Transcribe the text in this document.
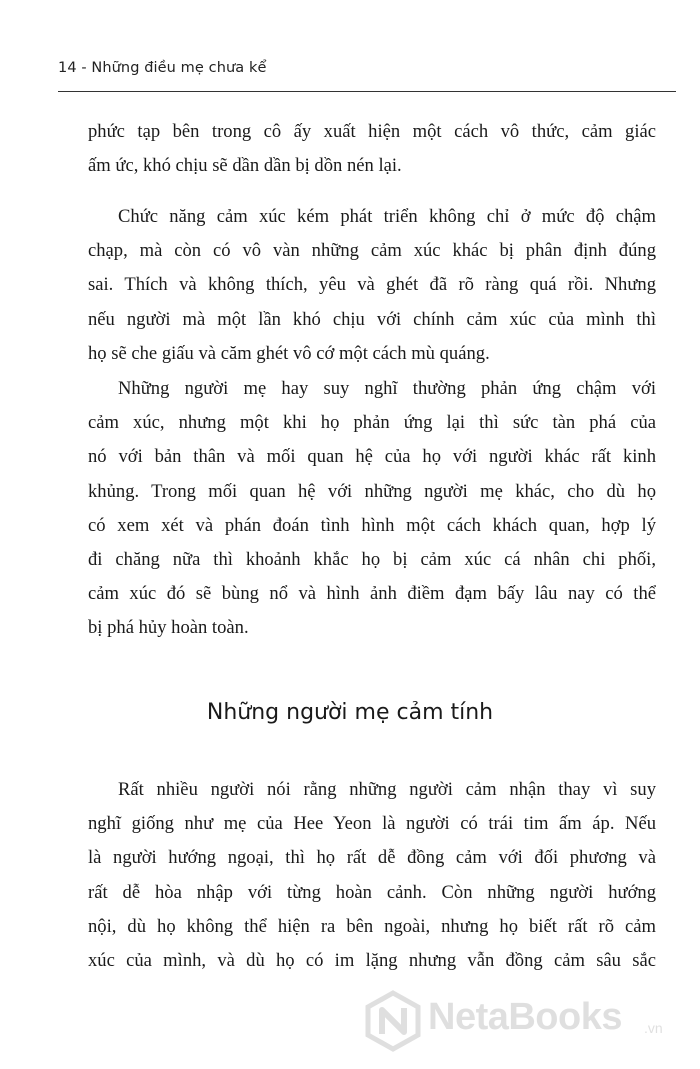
14 - Những điều mẹ chưa kể
phức tạp bên trong cô ấy xuất hiện một cách vô thức, cảm giác
ấm ức, khó chịu sẽ dần dần bị dồn nén lại.
Chức năng cảm xúc kém phát triển không chỉ ở mức độ chậm
chạp, mà còn có vô vàn những cảm xúc khác bị phân định đúng
sai. Thích và không thích, yêu và ghét đã rõ ràng quá rồi. Nhưng
nếu người mà một lần khó chịu với chính cảm xúc của mình thì
họ sẽ che giấu và căm ghét vô cớ một cách mù quáng.
Những người mẹ hay suy nghĩ thường phản ứng chậm với
cảm xúc, nhưng một khi họ phản ứng lại thì sức tàn phá của
nó với bản thân và mối quan hệ của họ với người khác rất kinh
khủng. Trong mối quan hệ với những người mẹ khác, cho dù họ
có xem xét và phán đoán tình hình một cách khách quan, hợp lý
đi chăng nữa thì khoảnh khắc họ bị cảm xúc cá nhân chi phối,
cảm xúc đó sẽ bùng nổ và hình ảnh điềm đạm bấy lâu nay có thể
bị phá hủy hoàn toàn.
Những người mẹ cảm tính
Rất nhiều người nói rằng những người cảm nhận thay vì suy
nghĩ giống như mẹ của Hee Yeon là người có trái tim ấm áp. Nếu
là người hướng ngoại, thì họ rất dễ đồng cảm với đối phương và
rất dễ hòa nhập với từng hoàn cảnh. Còn những người hướng
nội, dù họ không thể hiện ra bên ngoài, nhưng họ biết rất rõ cảm
xúc của mình, và dù họ có im lặng nhưng vẫn đồng cảm sâu sắc
NetaBooks .vn
